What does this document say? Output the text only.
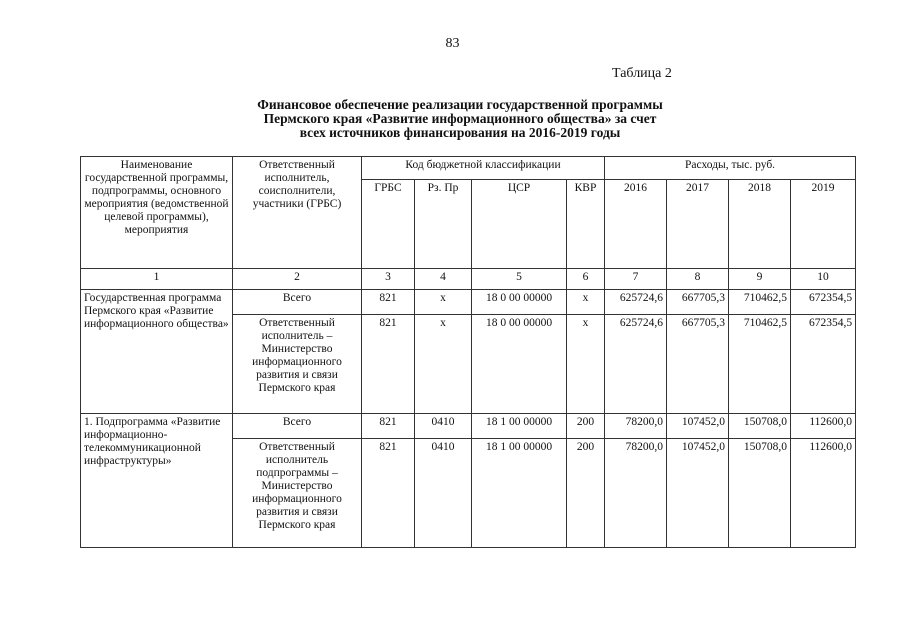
83
Таблица 2
Финансовое обеспечение реализации государственной программы
Пермского края «Развитие информационного общества» за счет
всех источников финансирования на 2016-2019 годы
Наименование государственной программы, подпрограммы, основного мероприятия (ведомственной целевой программы), мероприятия	Ответственный исполнитель, соисполнители, участники (ГРБС)	Код бюджетной классификации				Расходы, тыс. руб.			
		ГРБС	Рз. Пр	ЦСР	КВР	2016	2017	2018	2019
1	2	3	4	5	6	7	8	9	10
Государственная программа Пермского края «Развитие информационного общества»	Всего	821	х	18 0 00 00000	х	625724,6	667705,3	710462,5	672354,5
	Ответственный исполнитель – Министерство информационного развития и связи Пермского края	821	х	18 0 00 00000	х	625724,6	667705,3	710462,5	672354,5
1. Подпрограмма «Развитие информационно-телекоммуникационной инфраструктуры»	Всего	821	0410	18 1 00 00000	200	78200,0	107452,0	150708,0	112600,0
	Ответственный исполнитель подпрограммы – Министерство информационного развития и связи Пермского края	821	0410	18 1 00 00000	200	78200,0	107452,0	150708,0	112600,0
